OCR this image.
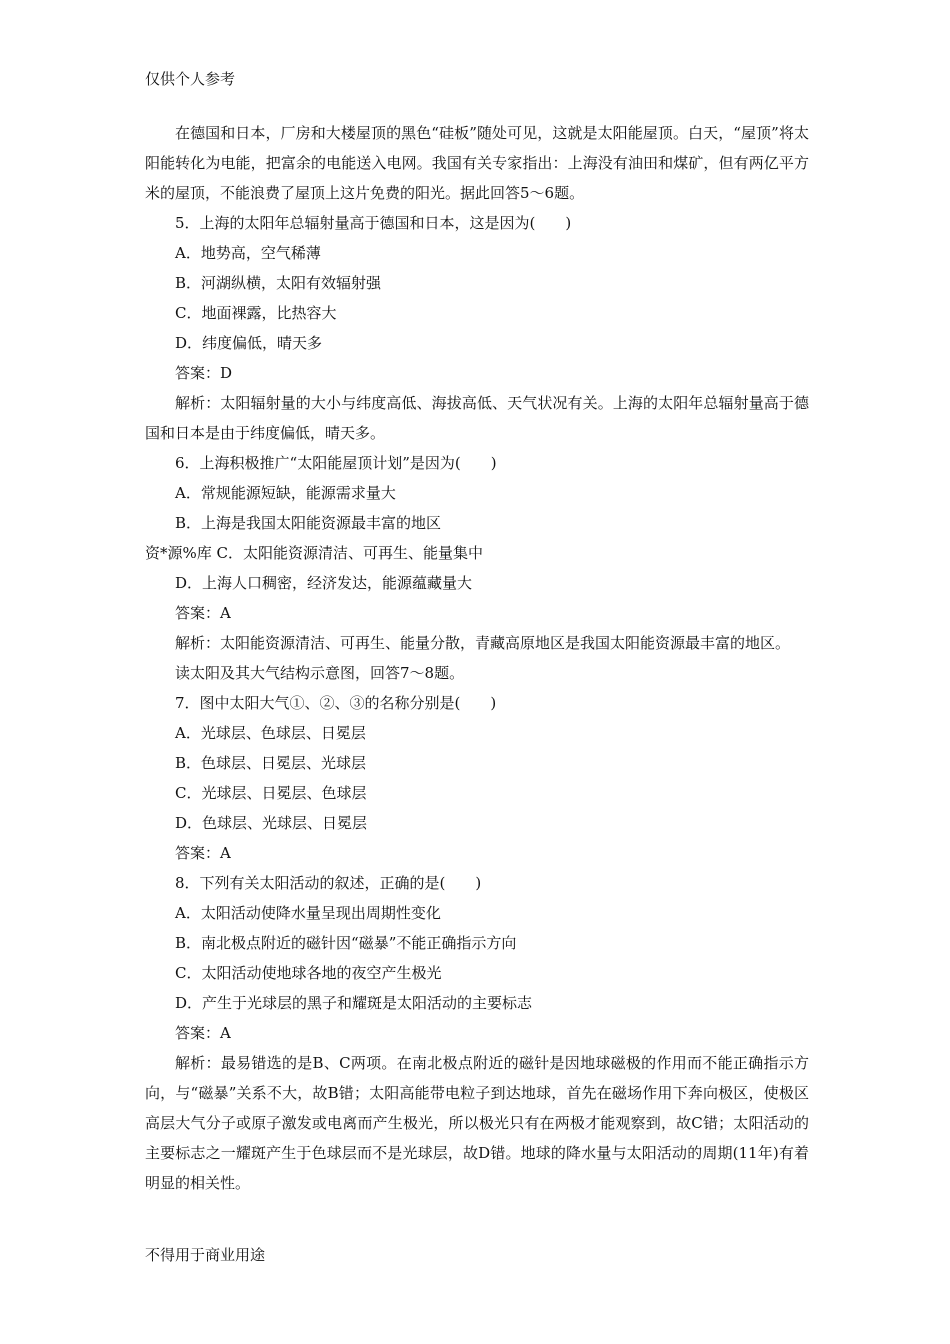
仅供个人参考

在德国和日本，厂房和大楼屋顶的黑色“硅板”随处可见，这就是太阳能屋顶。白天，“屋顶”将太阳能转化为电能，把富余的电能送入电网。我国有关专家指出：上海没有油田和煤矿，但有两亿平方米的屋顶，不能浪费了屋顶上这片免费的阳光。据此回答5～6题。

5．上海的太阳年总辐射量高于德国和日本，这是因为(　　)

A．地势高，空气稀薄

B．河湖纵横，太阳有效辐射强

C．地面裸露，比热容大

D．纬度偏低，晴天多

答案：D

解析：太阳辐射量的大小与纬度高低、海拔高低、天气状况有关。上海的太阳年总辐射量高于德国和日本是由于纬度偏低，晴天多。

6．上海积极推广“太阳能屋顶计划”是因为(　　)

A．常规能源短缺，能源需求量大

B．上海是我国太阳能资源最丰富的地区

资*源%库 C．太阳能资源清洁、可再生、能量集中

D．上海人口稠密，经济发达，能源蕴藏量大

答案：A

解析：太阳能资源清洁、可再生、能量分散，青藏高原地区是我国太阳能资源最丰富的地区。

读太阳及其大气结构示意图，回答7～8题。

7．图中太阳大气①、②、③的名称分别是(　　)

A．光球层、色球层、日冕层

B．色球层、日冕层、光球层

C．光球层、日冕层、色球层

D．色球层、光球层、日冕层

答案：A

8．下列有关太阳活动的叙述，正确的是(　　)

A．太阳活动使降水量呈现出周期性变化

B．南北极点附近的磁针因“磁暴”不能正确指示方向

C．太阳活动使地球各地的夜空产生极光

D．产生于光球层的黑子和耀斑是太阳活动的主要标志

答案：A

解析：最易错选的是B、C两项。在南北极点附近的磁针是因地球磁极的作用而不能正确指示方向，与“磁暴”关系不大，故B错；太阳高能带电粒子到达地球，首先在磁场作用下奔向极区，使极区高层大气分子或原子激发或电离而产生极光，所以极光只有在两极才能观察到，故C错；太阳活动的主要标志之一耀斑产生于色球层而不是光球层，故D错。地球的降水量与太阳活动的周期(11年)有着明显的相关性。

不得用于商业用途
